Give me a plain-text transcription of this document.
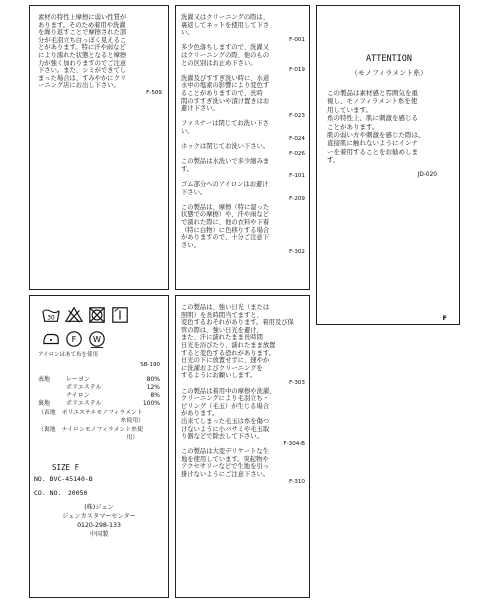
素材の特性上摩擦に弱い性質が
あります。そのため着用や洗濯
を繰り返すことで摩擦された部
分が毛羽立ち白っぽく見えるこ
とがあります。特に汗や雨など
により濡れた状態となると摩擦
力が強く加わりますのでご注意
下さい。また、シミができてし
まった場合は、すみやかにクリ
ーニング店にお出し下さい。
F-509
30
F W
アイロンはあて布を使用
SB-190
表地	レーヨン	80%
ポリエステル	12%
ナイロン	8%
裏地	ポリエステル	100%
（表地　ポリエステルモノフィラメント
　　　　　　　　　　　　　　糸使用）
（裏地　ナイロンモノフィラメント糸使
　　　　　　　　　　　　　　　用）
SIZE F
NO. BVC-45140-B
CO. NO.　20050
(株)ジュン
ジュンカスタマーセンター
0120-298-133
中国製
洗濯又はクリーニングの際は、
裏返してネットを使用して下さ
い。
F-001
多少色落ちしますので、洗濯又
はクリーニングの際、他のもの
との区別はお止め下さい。
F-019
洗濯及びすすぎ洗い時に、水道
水中の塩素の影響により変色す
ることがありますので、長時
間のすすぎ洗いや漬け置きはお
避け下さい。
F-023
ファスナーは閉じてお洗い下さ
い。
F-024
ホックは閉じてお洗い下さい。
F-026
この製品は水洗いで多少縮みま
す。
F-101
ゴム部分へのアイロンはお避け
下さい。
F-209
この製品は、摩擦（特に湿った
状態での摩擦）や、汗や雨など
で濡れた際に、他の衣料や下着
（特に白物）に色移りする場合
がありますので、十分ご注意下
さい。
F-302
この製品は、強い日光（または
照明）を長時間当てますと、
変色するおそれがあります。着用及び保
管の際は、強い日光を避け、
また、汗に濡れたまま長時間
日光を浴びたり、濡れたまま放置
すると変色する恐れがあります。
日光の下に放置せずに、速やか
に洗濯およびクリーニングを
するようにお願いします。
F-303
この製品は着用中の摩擦や洗濯、
クリーニングにより毛羽立ち・
ピリング（毛玉）が生じる場合
があります。
出来てしまった毛玉は糸を傷つ
けないように小バサミや毛玉取
り器などで除去して下さい。
F-304-B
この製品は大変デリケートな生
地を使用しています。突起物や
アクセサリーなどで生地を引っ
掛けないようにご注意下さい。
F-310
ATTENTION
（モノフィラメント糸）
この製品は素材感と雰囲気を重
視し、モノフィラメント糸を使
用しています。
糸の特性上、肌に刺激を感じる
ことがあります。
肌の弱い方や刺激を感じた際は、
直接肌に触れないようにインナ
ーを着用することをお勧めしま
す。
JD-020
F
